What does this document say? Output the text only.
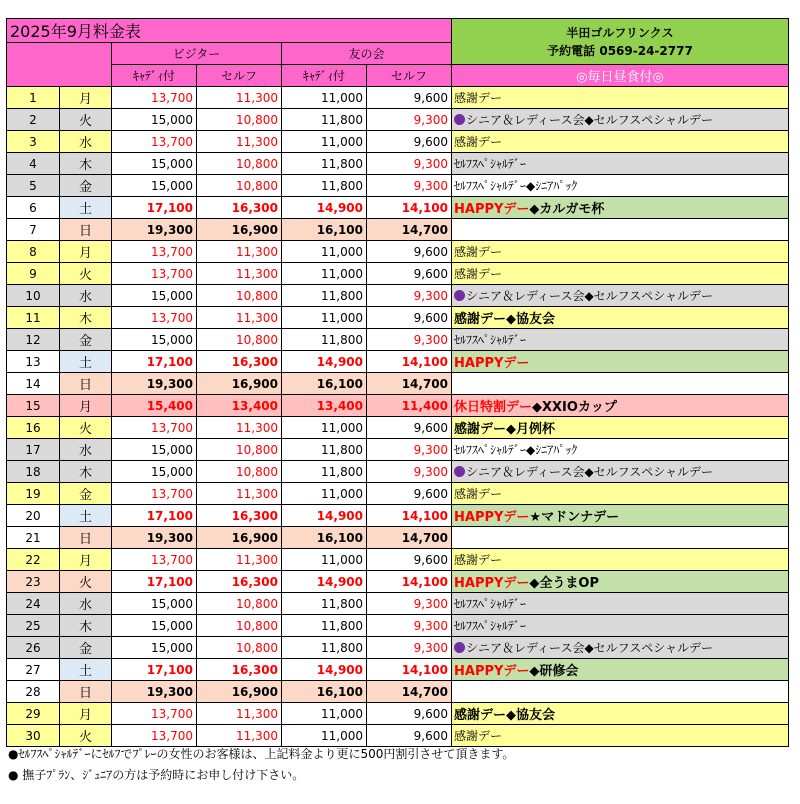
2025年9月料金表						半田ゴルフリンクス
予約電話 0569-24-2777

		ビジター		友の会		
		ｷｬﾃﾞｨ付	セルフ	ｷｬﾃﾞｨ付	セルフ	◎毎日昼食付◎
1	月	13,700	11,300	11,000	9,600	感謝デー
2	火	15,000	10,800	11,800	9,300	シニア＆レディース会◆セルフスペシャルデー
3	水	13,700	11,300	11,000	9,600	感謝デー
4	木	15,000	10,800	11,800	9,300	ｾﾙﾌｽﾍﾟｼｬﾙﾃﾞｰ
5	金	15,000	10,800	11,800	9,300	ｾﾙﾌｽﾍﾟｼｬﾙﾃﾞｰ◆ｼﾆｱﾊﾟｯｸ
6	土	17,100	16,300	14,900	14,100	HAPPYデー◆カルガモ杯
7	日	19,300	16,900	16,100	14,700	
8	月	13,700	11,300	11,000	9,600	感謝デー
9	火	13,700	11,300	11,000	9,600	感謝デー
10	水	15,000	10,800	11,800	9,300	シニア＆レディース会◆セルフスペシャルデー
11	木	13,700	11,300	11,000	9,600	感謝デー◆協友会
12	金	15,000	10,800	11,800	9,300	ｾﾙﾌｽﾍﾟｼｬﾙﾃﾞｰ
13	土	17,100	16,300	14,900	14,100	HAPPYデー
14	日	19,300	16,900	16,100	14,700	
15	月	15,400	13,400	13,400	11,400	休日特割デー◆XXIOカップ
16	火	13,700	11,300	11,000	9,600	感謝デー◆月例杯
17	水	15,000	10,800	11,800	9,300	ｾﾙﾌｽﾍﾟｼｬﾙﾃﾞｰ◆ｼﾆｱﾊﾟｯｸ
18	木	15,000	10,800	11,800	9,300	シニア＆レディース会◆セルフスペシャルデー
19	金	13,700	11,300	11,000	9,600	感謝デー
20	土	17,100	16,300	14,900	14,100	HAPPYデー★マドンナデー
21	日	19,300	16,900	16,100	14,700	
22	月	13,700	11,300	11,000	9,600	感謝デー
23	火	17,100	16,300	14,900	14,100	HAPPYデー◆全うまOP
24	水	15,000	10,800	11,800	9,300	ｾﾙﾌｽﾍﾟｼｬﾙﾃﾞｰ
25	木	15,000	10,800	11,800	9,300	ｾﾙﾌｽﾍﾟｼｬﾙﾃﾞｰ
26	金	15,000	10,800	11,800	9,300	シニア＆レディース会◆セルフスペシャルデー
27	土	17,100	16,300	14,900	14,100	HAPPYデー◆研修会
28	日	19,300	16,900	16,100	14,700	
29	月	13,700	11,300	11,000	9,600	感謝デー◆協友会
30	火	13,700	11,300	11,000	9,600	感謝デー
●ｾﾙﾌｽﾍﾟｼｬﾙﾃﾞｰにｾﾙﾌでﾌﾟﾚｰの女性のお客様は、上記料金より更に500円割引させて頂きます。
● 撫子ﾌﾟﾗﾝ、ｼﾞｭﾆｱの方は予約時にお申し付け下さい。
